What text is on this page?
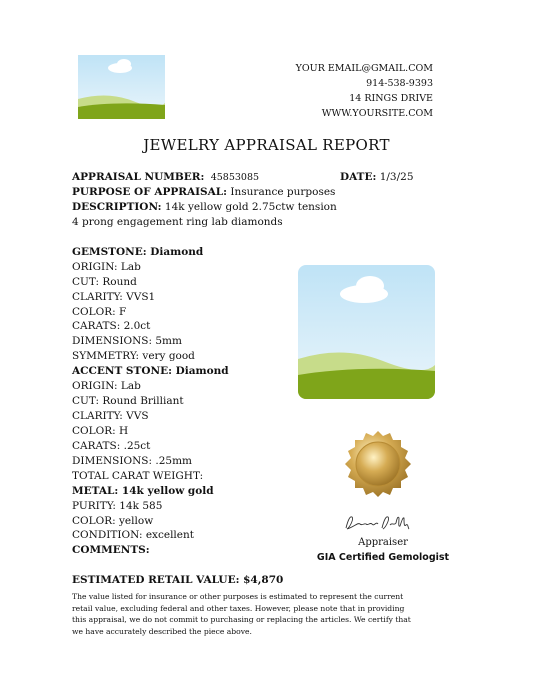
YOUR EMAIL@GMAIL.COM
914-538-9393
14 RINGS DRIVE
WWW.YOURSITE.COM
JEWELRY APPRAISAL REPORT
APPRAISAL NUMBER: 45853085	DATE: 1/3/25
PURPOSE OF APPRAISAL: Insurance purposes
DESCRIPTION: 14k yellow gold 2.75ctw tension
4 prong engagement ring lab diamonds
GEMSTONE: Diamond
ORIGIN: Lab
CUT: Round
CLARITY: VVS1
COLOR: F
CARATS: 2.0ct
DIMENSIONS: 5mm
SYMMETRY: very good
ACCENT STONE: Diamond
ORIGIN: Lab
CUT: Round Brilliant
CLARITY: VVS
COLOR: H
CARATS: .25ct
DIMENSIONS: .25mm
TOTAL CARAT WEIGHT:
METAL: 14k yellow gold
PURITY: 14k 585
COLOR: yellow
CONDITION: excellent
COMMENTS:
ESTIMATED RETAIL VALUE: $4,870
The value listed for insurance or other purposes is estimated to represent the current retail value, excluding federal and other taxes. However, please note that in providing this appraisal, we do not commit to purchasing or replacing the articles. We certify that we have accurately described the piece above.
Appraiser
GIA Certified Gemologist
